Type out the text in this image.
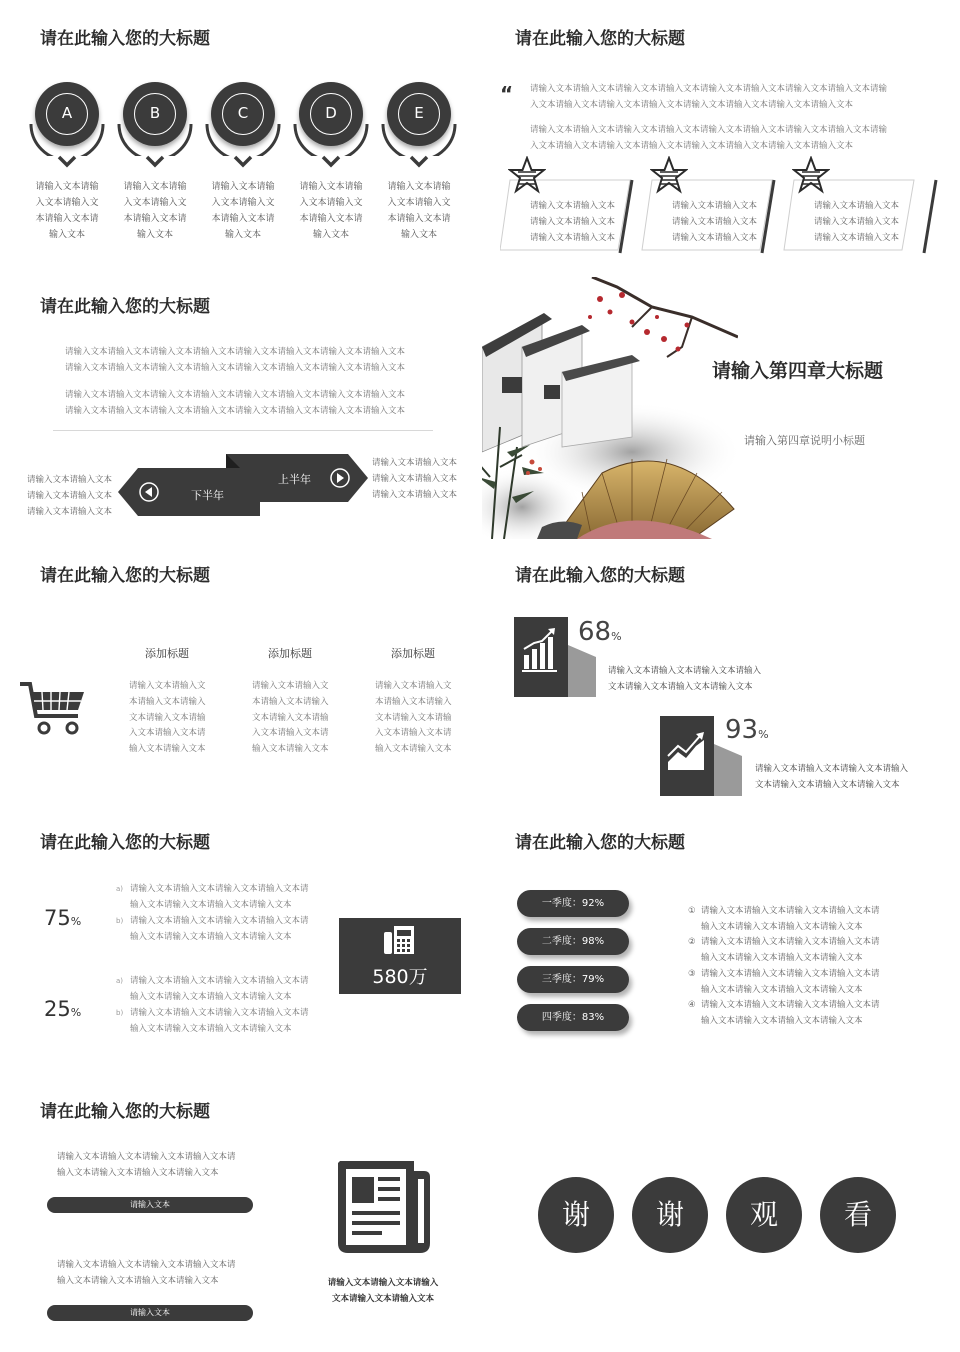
请在此输入您的大标题
A
请输入文本请输
入文本请输入文
本请输入文本请
输入文本
B
请输入文本请输
入文本请输入文
本请输入文本请
输入文本
C
请输入文本请输
入文本请输入文
本请输入文本请
输入文本
D
请输入文本请输
入文本请输入文
本请输入文本请
输入文本
E
请输入文本请输
入文本请输入文
本请输入文本请
输入文本
请在此输入您的大标题
“ 请输入文本请输入文本请输入文本请输入文本请输入文本请输入文本请输入文本请输入文本请输
入文本请输入文本请输入文本请输入文本请输入文本请输入文本请输入文本请输入文本
请输入文本请输入文本请输入文本请输入文本请输入文本请输入文本请输入文本请输入文本请输
入文本请输入文本请输入文本请输入文本请输入文本请输入文本请输入文本请输入文本
请输入文本请输入文本
请输入文本请输入文本
请输入文本请输入文本
请输入文本请输入文本
请输入文本请输入文本
请输入文本请输入文本
请输入文本请输入文本
请输入文本请输入文本
请输入文本请输入文本
请在此输入您的大标题
请输入文本请输入文本请输入文本请输入文本请输入文本请输入文本请输入文本请输入文本
请输入文本请输入文本请输入文本请输入文本请输入文本请输入文本请输入文本请输入文本
请输入文本请输入文本请输入文本请输入文本请输入文本请输入文本请输入文本请输入文本
请输入文本请输入文本请输入文本请输入文本请输入文本请输入文本请输入文本请输入文本
请输入文本请输入文本
请输入文本请输入文本
请输入文本请输入文本
请输入文本请输入文本
请输入文本请输入文本
请输入文本请输入文本
下半年
上半年
请输入第四章大标题
请输入第四章说明小标题
请在此输入您的大标题
添加标题	添加标题	添加标题
请输入文本请输入文
本请输入文本请输入
文本请输入文本请输
入文本请输入文本请
输入文本请输入文本
请输入文本请输入文
本请输入文本请输入
文本请输入文本请输
入文本请输入文本请
输入文本请输入文本
请输入文本请输入文
本请输入文本请输入
文本请输入文本请输
入文本请输入文本请
输入文本请输入文本
请在此输入您的大标题
68%
请输入文本请输入文本请输入文本请输入
文本请输入文本请输入文本请输入文本
93%
请输入文本请输入文本请输入文本请输入
文本请输入文本请输入文本请输入文本
请在此输入您的大标题
75%
25%
a) 请输入文本请输入文本请输入文本请输入文本请
输入文本请输入文本请输入文本请输入文本
b) 请输入文本请输入文本请输入文本请输入文本请
输入文本请输入文本请输入文本请输入文本
a) 请输入文本请输入文本请输入文本请输入文本请
输入文本请输入文本请输入文本请输入文本
b) 请输入文本请输入文本请输入文本请输入文本请
输入文本请输入文本请输入文本请输入文本
580万
请在此输入您的大标题
一季度：92%
二季度：98%
三季度：79%
四季度：83%
① 请输入文本请输入文本请输入文本请输入文本请
输入文本请输入文本请输入文本请输入文本
② 请输入文本请输入文本请输入文本请输入文本请
输入文本请输入文本请输入文本请输入文本
③ 请输入文本请输入文本请输入文本请输入文本请
输入文本请输入文本请输入文本请输入文本
④ 请输入文本请输入文本请输入文本请输入文本请
输入文本请输入文本请输入文本请输入文本
请在此输入您的大标题
请输入文本请输入文本请输入文本请输入文本请
输入文本请输入文本请输入文本请输入文本
请输入文本
请输入文本请输入文本请输入文本请输入文本请
输入文本请输入文本请输入文本请输入文本
请输入文本
请输入文本请输入文本请输入
文本请输入文本请输入文本
谢	谢	观	看
